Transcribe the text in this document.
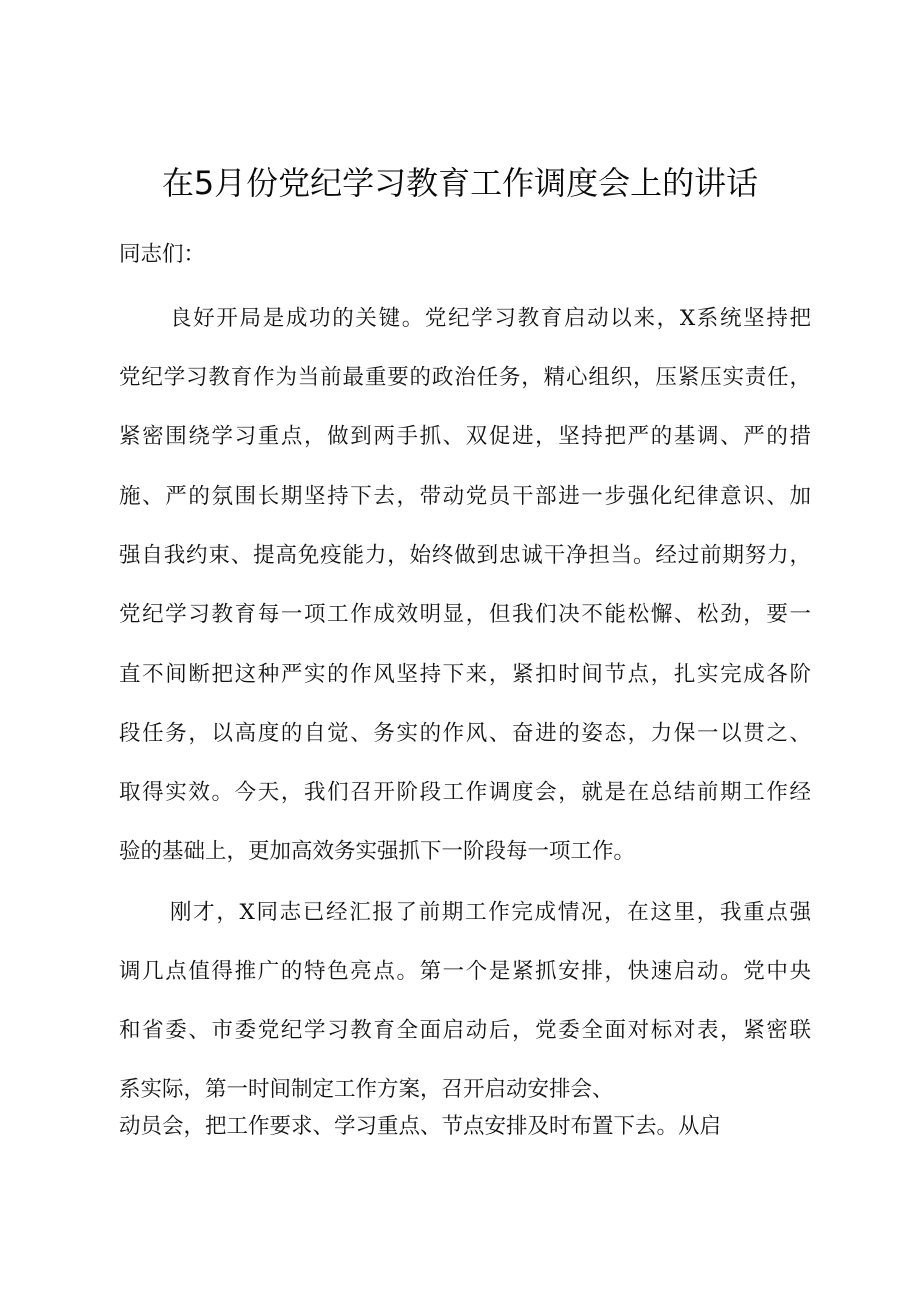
在5月份党纪学习教育工作调度会上的讲话
同志们：
良好开局是成功的关键。党纪学习教育启动以来，X系统坚持把
党纪学习教育作为当前最重要的政治任务，精心组织，压紧压实责任，
紧密围绕学习重点，做到两手抓、双促进，坚持把严的基调、严的措
施、严的氛围长期坚持下去，带动党员干部进一步强化纪律意识、加
强自我约束、提高免疫能力，始终做到忠诚干净担当。经过前期努力，
党纪学习教育每一项工作成效明显，但我们决不能松懈、松劲，要一
直不间断把这种严实的作风坚持下来，紧扣时间节点，扎实完成各阶
段任务，以高度的自觉、务实的作风、奋进的姿态，力保一以贯之、
取得实效。今天，我们召开阶段工作调度会，就是在总结前期工作经
验的基础上，更加高效务实强抓下一阶段每一项工作。
刚才，X同志已经汇报了前期工作完成情况，在这里，我重点强
调几点值得推广的特色亮点。第一个是紧抓安排，快速启动。党中央
和省委、市委党纪学习教育全面启动后，党委全面对标对表，紧密联
系实际，第一时间制定工作方案，召开启动安排会、
动员会，把工作要求、学习重点、节点安排及时布置下去。从启
